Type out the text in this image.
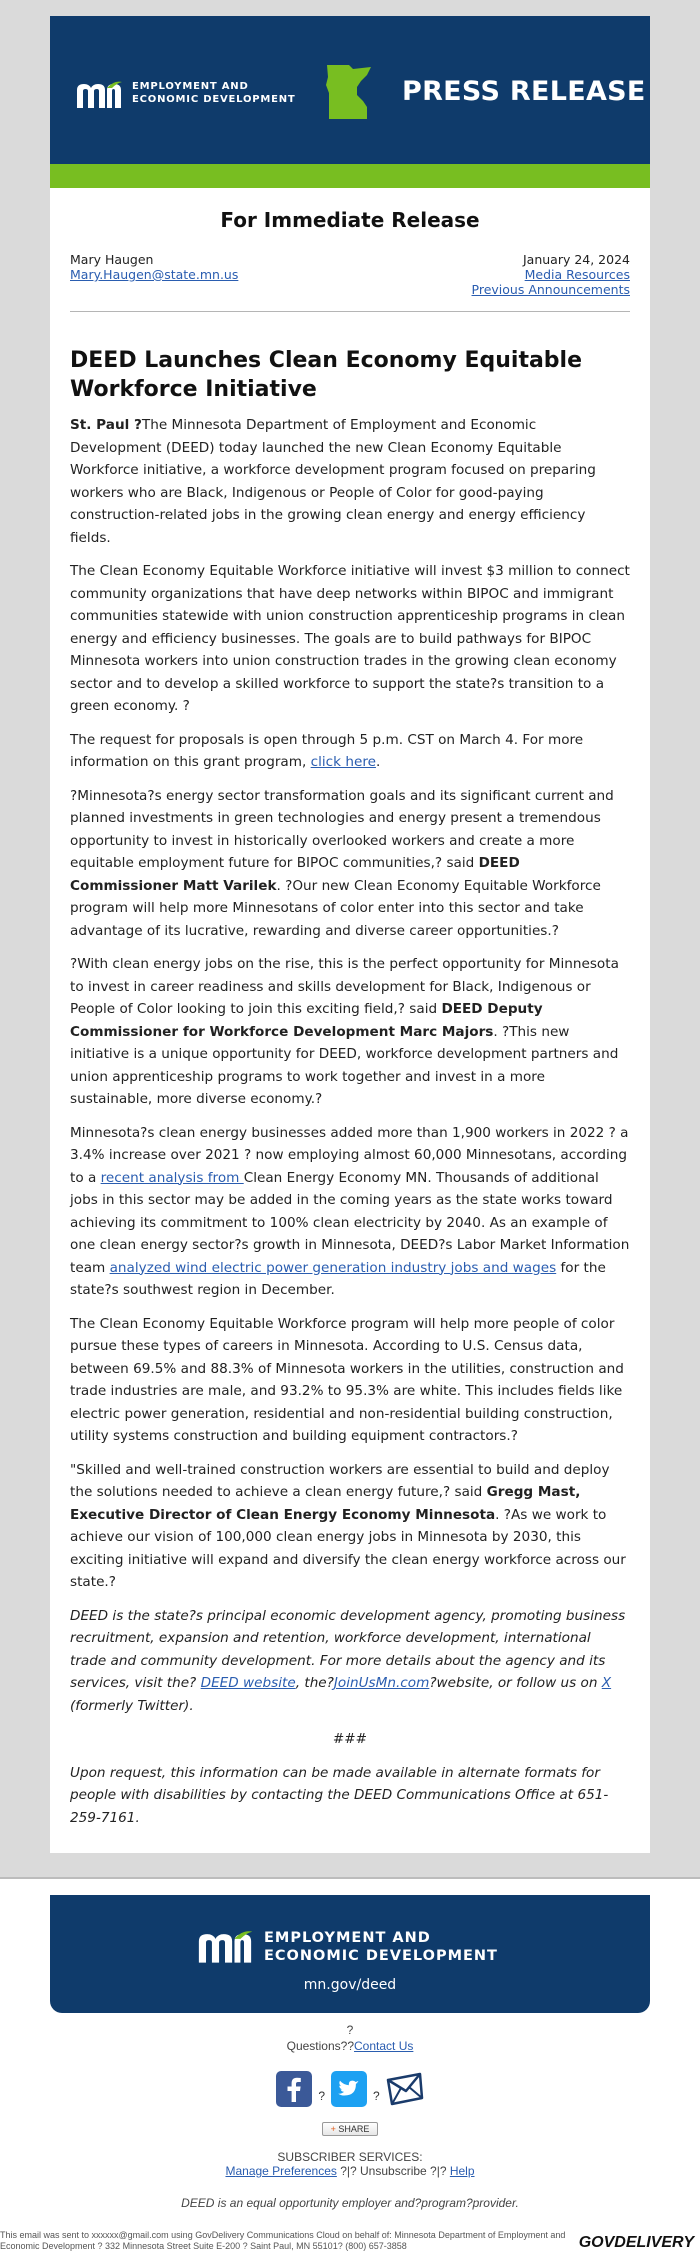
EMPLOYMENT AND
ECONOMIC DEVELOPMENT	PRESS RELEASE
For Immediate Release
Mary Haugen
Mary.Haugen@state.mn.us
January 24, 2024
Media Resources
Previous Announcements
DEED Launches Clean Economy Equitable Workforce Initiative

St. Paul ?The Minnesota Department of Employment and Economic Development (DEED) today launched the new Clean Economy Equitable Workforce initiative, a workforce development program focused on preparing workers who are Black, Indigenous or People of Color for good-paying construction-related jobs in the growing clean energy and energy efficiency fields.

The Clean Economy Equitable Workforce initiative will invest $3 million to connect community organizations that have deep networks within BIPOC and immigrant communities statewide with union construction apprenticeship programs in clean energy and efficiency businesses. The goals are to build pathways for BIPOC Minnesota workers into union construction trades in the growing clean economy sector and to develop a skilled workforce to support the state?s transition to a green economy. ?

The request for proposals is open through 5 p.m. CST on March 4. For more information on this grant program, click here.

?Minnesota?s energy sector transformation goals and its significant current and planned investments in green technologies and energy present a tremendous opportunity to invest in historically overlooked workers and create a more equitable employment future for BIPOC communities,? said DEED Commissioner Matt Varilek. ?Our new Clean Economy Equitable Workforce program will help more Minnesotans of color enter into this sector and take advantage of its lucrative, rewarding and diverse career opportunities.?

?With clean energy jobs on the rise, this is the perfect opportunity for Minnesota to invest in career readiness and skills development for Black, Indigenous or People of Color looking to join this exciting field,? said DEED Deputy Commissioner for Workforce Development Marc Majors. ?This new initiative is a unique opportunity for DEED, workforce development partners and union apprenticeship programs to work together and invest in a more sustainable, more diverse economy.?

Minnesota?s clean energy businesses added more than 1,900 workers in 2022 ? a 3.4% increase over 2021 ? now employing almost 60,000 Minnesotans, according to a recent analysis from Clean Energy Economy MN. Thousands of additional jobs in this sector may be added in the coming years as the state works toward achieving its commitment to 100% clean electricity by 2040. As an example of one clean energy sector?s growth in Minnesota, DEED?s Labor Market Information team analyzed wind electric power generation industry jobs and wages for the state?s southwest region in December.

The Clean Economy Equitable Workforce program will help more people of color pursue these types of careers in Minnesota. According to U.S. Census data, between 69.5% and 88.3% of Minnesota workers in the utilities, construction and trade industries are male, and 93.2% to 95.3% are white. This includes fields like electric power generation, residential and non-residential building construction, utility systems construction and building equipment contractors.?

"Skilled and well-trained construction workers are essential to build and deploy the solutions needed to achieve a clean energy future,? said Gregg Mast, Executive Director of Clean Energy Economy Minnesota. ?As we work to achieve our vision of 100,000 clean energy jobs in Minnesota by 2030, this exciting initiative will expand and diversify the clean energy workforce across our state.?

DEED is the state?s principal economic development agency, promoting business recruitment, expansion and retention, workforce development, international trade and community development. For more details about the agency and its services, visit the? DEED website, the?JoinUsMn.com?website, or follow us on X (formerly Twitter).

###

Upon request, this information can be made available in alternate formats for people with disabilities by contacting the DEED Communications Office at 651-259-7161.

EMPLOYMENT AND
ECONOMIC DEVELOPMENT
mn.gov/deed
?
Questions??Contact Us
?	?
+ SHARE
SUBSCRIBER SERVICES:
Manage Preferences ?|? Unsubscribe ?|? Help
DEED is an equal opportunity employer and?program?provider.
This email was sent to xxxxxx@gmail.com using GovDelivery Communications Cloud on behalf of: Minnesota Department of Employment and Economic Development ? 332 Minnesota Street Suite E-200 ? Saint Paul, MN 55101? (800) 657-3858	GOVDELIVERY
